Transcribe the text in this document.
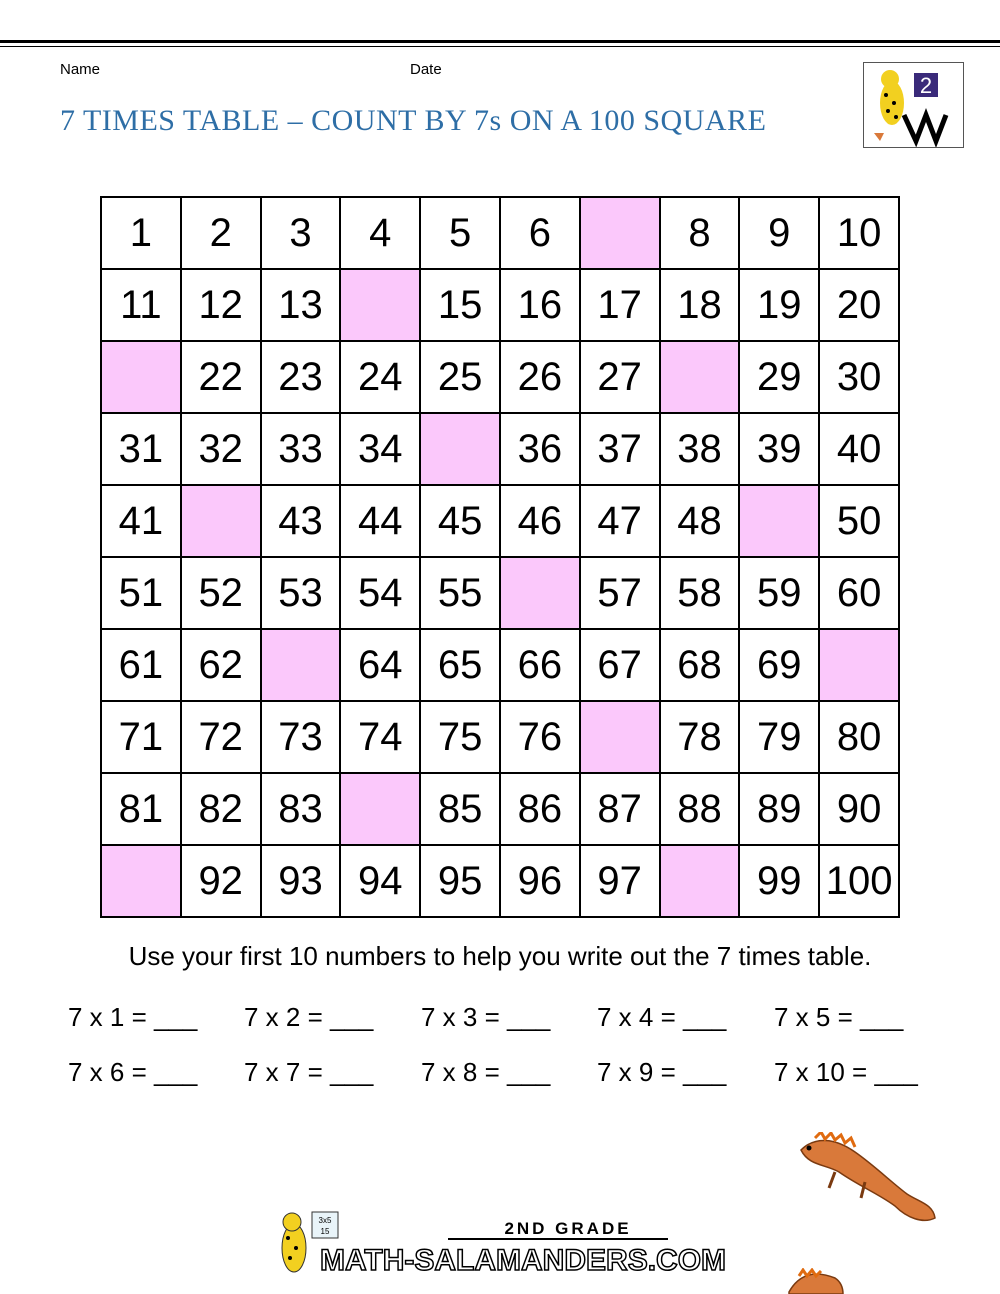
Name	Date
7 TIMES TABLE – COUNT BY 7s ON A 100 SQUARE
2
1	2	3	4	5	6		8	9	10
11	12	13		15	16	17	18	19	20
	22	23	24	25	26	27		29	30
31	32	33	34		36	37	38	39	40
41		43	44	45	46	47	48		50
51	52	53	54	55		57	58	59	60
61	62		64	65	66	67	68	69	
71	72	73	74	75	76		78	79	80
81	82	83		85	86	87	88	89	90
	92	93	94	95	96	97		99	100
Use your first 10 numbers to help you write out the 7 times table.
7 x 1 = ___ 7 x 2 = ___ 7 x 3 = ___ 7 x 4 = ___ 7 x 5 = ___
7 x 6 = ___ 7 x 7 = ___ 7 x 8 = ___ 7 x 9 = ___ 7 x 10 = ___
3x5
15	2ND GRADE
MATH-SALAMANDERS.COM
